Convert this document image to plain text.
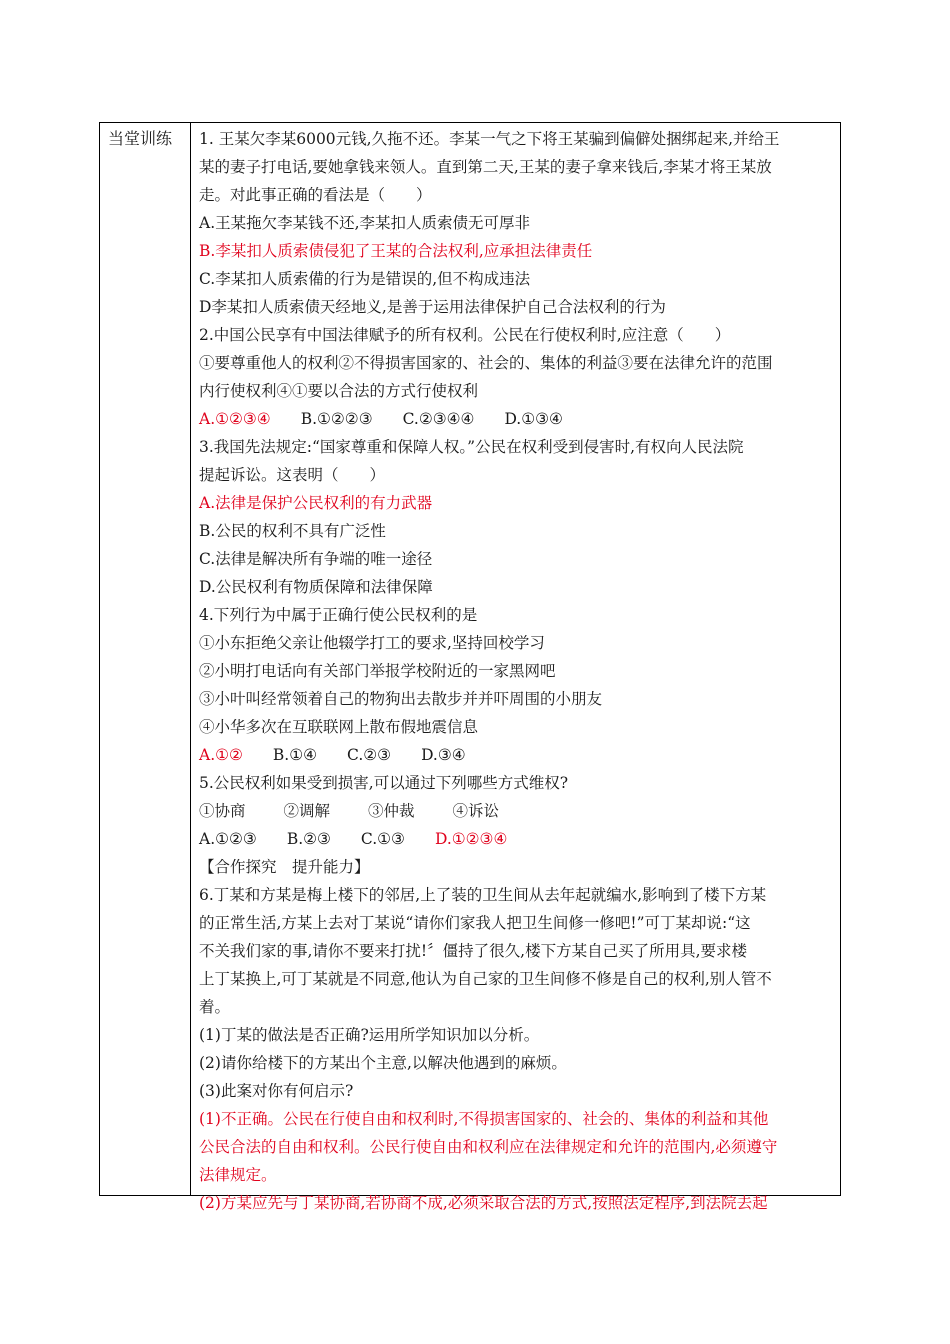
当堂训练	1. 王某欠李某6000元钱,久拖不还。李某一气之下将王某骗到偏僻处捆绑起来,并给王
某的妻子打电话,要她拿钱来领人。直到第二天,王某的妻子拿来钱后,李某才将王某放
走。对此事正确的看法是（　　）
A.王某拖欠李某钱不还,李某扣人质索债无可厚非
B.李某扣人质索债侵犯了王某的合法权利,应承担法律责任
C.李某扣人质索備的行为是错误的,但不构成违法
D李某扣人质索债天经地义,是善于运用法律保护自己合法权利的行为
2.中国公民享有中国法律赋予的所有权利。公民在行使权利时,应注意（　　）
①要尊重他人的权利②不得损害国家的、社会的、集体的利益③要在法律允许的范围
内行使权利④①要以合法的方式行使权利
A.①②③④ B.①②②③ C.②③④④ D.①③④
3.我国先法规定:“国家尊重和保障人权。”公民在权利受到侵害时,有权向人民法院
提起诉讼。这表明（　　）
A.法律是保护公民权利的有力武器
B.公民的权利不具有广泛性
C.法律是解决所有争端的唯一途径
D.公民权利有物质保障和法律保障
4.下列行为中属于正确行使公民权利的是
①小东拒绝父亲让他辍学打工的要求,坚持回校学习
②小明打电话向有关部门举报学校附近的一家黑网吧
③小叶叫经常领着自己的物狗出去散步并并吓周围的小朋友
④小华多次在互联联网上散布假地震信息
A.①② B.①④ C.②③ D.③④
5.公民权利如果受到损害,可以通过下列哪些方式维权?
①协商 ②调解 ③仲裁 ④诉讼
A.①②③ B.②③ C.①③ D.①②③④
【合作探究　提升能力】
6.丁某和方某是梅上楼下的邻居,上了装的卫生间从去年起就编水,影响到了楼下方某
的正常生活,方某上去对丁某说“请你们家我人把卫生间修一修吧!”可丁某却说:“这
不关我们家的事,请你不要来打扰!〞僵持了很久,楼下方某自己买了所用具,要求楼
上丁某换上,可丁某就是不同意,他认为自己家的卫生间修不修是自己的权利,别人管不
着。
(1)丁某的做法是否正确?运用所学知识加以分析。
(2)请你给楼下的方某出个主意,以解决他遇到的麻烦。
(3)此案对你有何启示?
(1)不正确。公民在行使自由和权利时,不得损害国家的、社会的、集体的利益和其他
公民合法的自由和权利。公民行使自由和权利应在法律规定和允许的范围内,必须遵守
法律规定。
(2)方某应先与丁某协商,若协商不成,必须采取合法的方式,按照法定程序,到法院去起
